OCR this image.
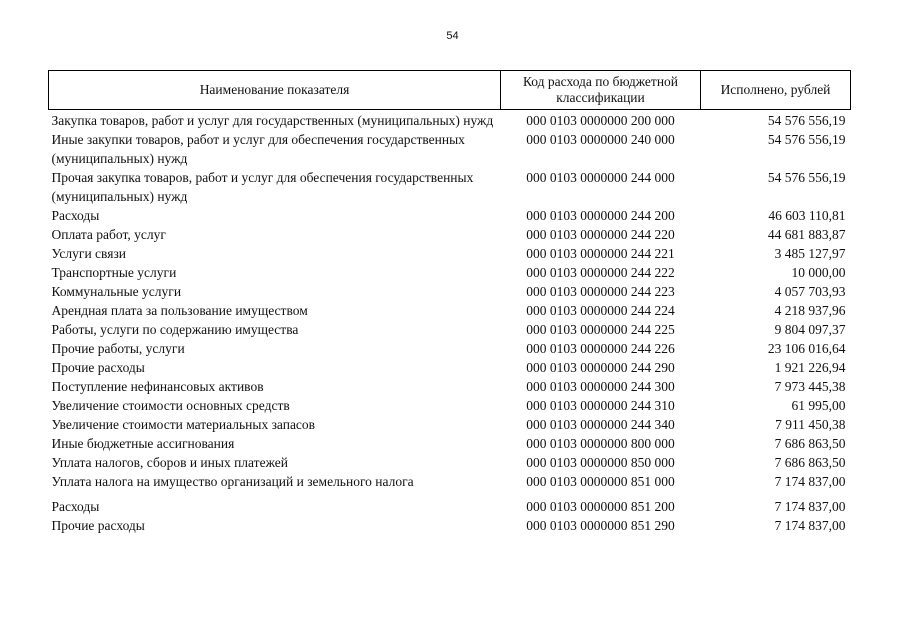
54
Наименование показателя	Код расхода по бюджетной классификации	Исполнено, рублей
Закупка товаров, работ и услуг для государственных (муниципальных) нужд	000 0103 0000000 200 000	54 576 556,19
Иные закупки товаров, работ и услуг для обеспечения государственных (муниципальных) нужд	000 0103 0000000 240 000	54 576 556,19
Прочая закупка товаров, работ и услуг для обеспечения государственных (муниципальных) нужд	000 0103 0000000 244 000	54 576 556,19
Расходы	000 0103 0000000 244 200	46 603 110,81
Оплата работ, услуг	000 0103 0000000 244 220	44 681 883,87
Услуги связи	000 0103 0000000 244 221	3 485 127,97
Транспортные услуги	000 0103 0000000 244 222	10 000,00
Коммунальные услуги	000 0103 0000000 244 223	4 057 703,93
Арендная плата за пользование имуществом	000 0103 0000000 244 224	4 218 937,96
Работы, услуги по содержанию имущества	000 0103 0000000 244 225	9 804 097,37
Прочие работы, услуги	000 0103 0000000 244 226	23 106 016,64
Прочие расходы	000 0103 0000000 244 290	1 921 226,94
Поступление нефинансовых активов	000 0103 0000000 244 300	7 973 445,38
Увеличение стоимости основных средств	000 0103 0000000 244 310	61 995,00
Увеличение стоимости материальных запасов	000 0103 0000000 244 340	7 911 450,38
Иные бюджетные ассигнования	000 0103 0000000 800 000	7 686 863,50
Уплата налогов, сборов и иных платежей	000 0103 0000000 850 000	7 686 863,50
Уплата налога на имущество организаций и земельного налога	000 0103 0000000 851 000	7 174 837,00
Расходы	000 0103 0000000 851 200	7 174 837,00
Прочие расходы	000 0103 0000000 851 290	7 174 837,00
